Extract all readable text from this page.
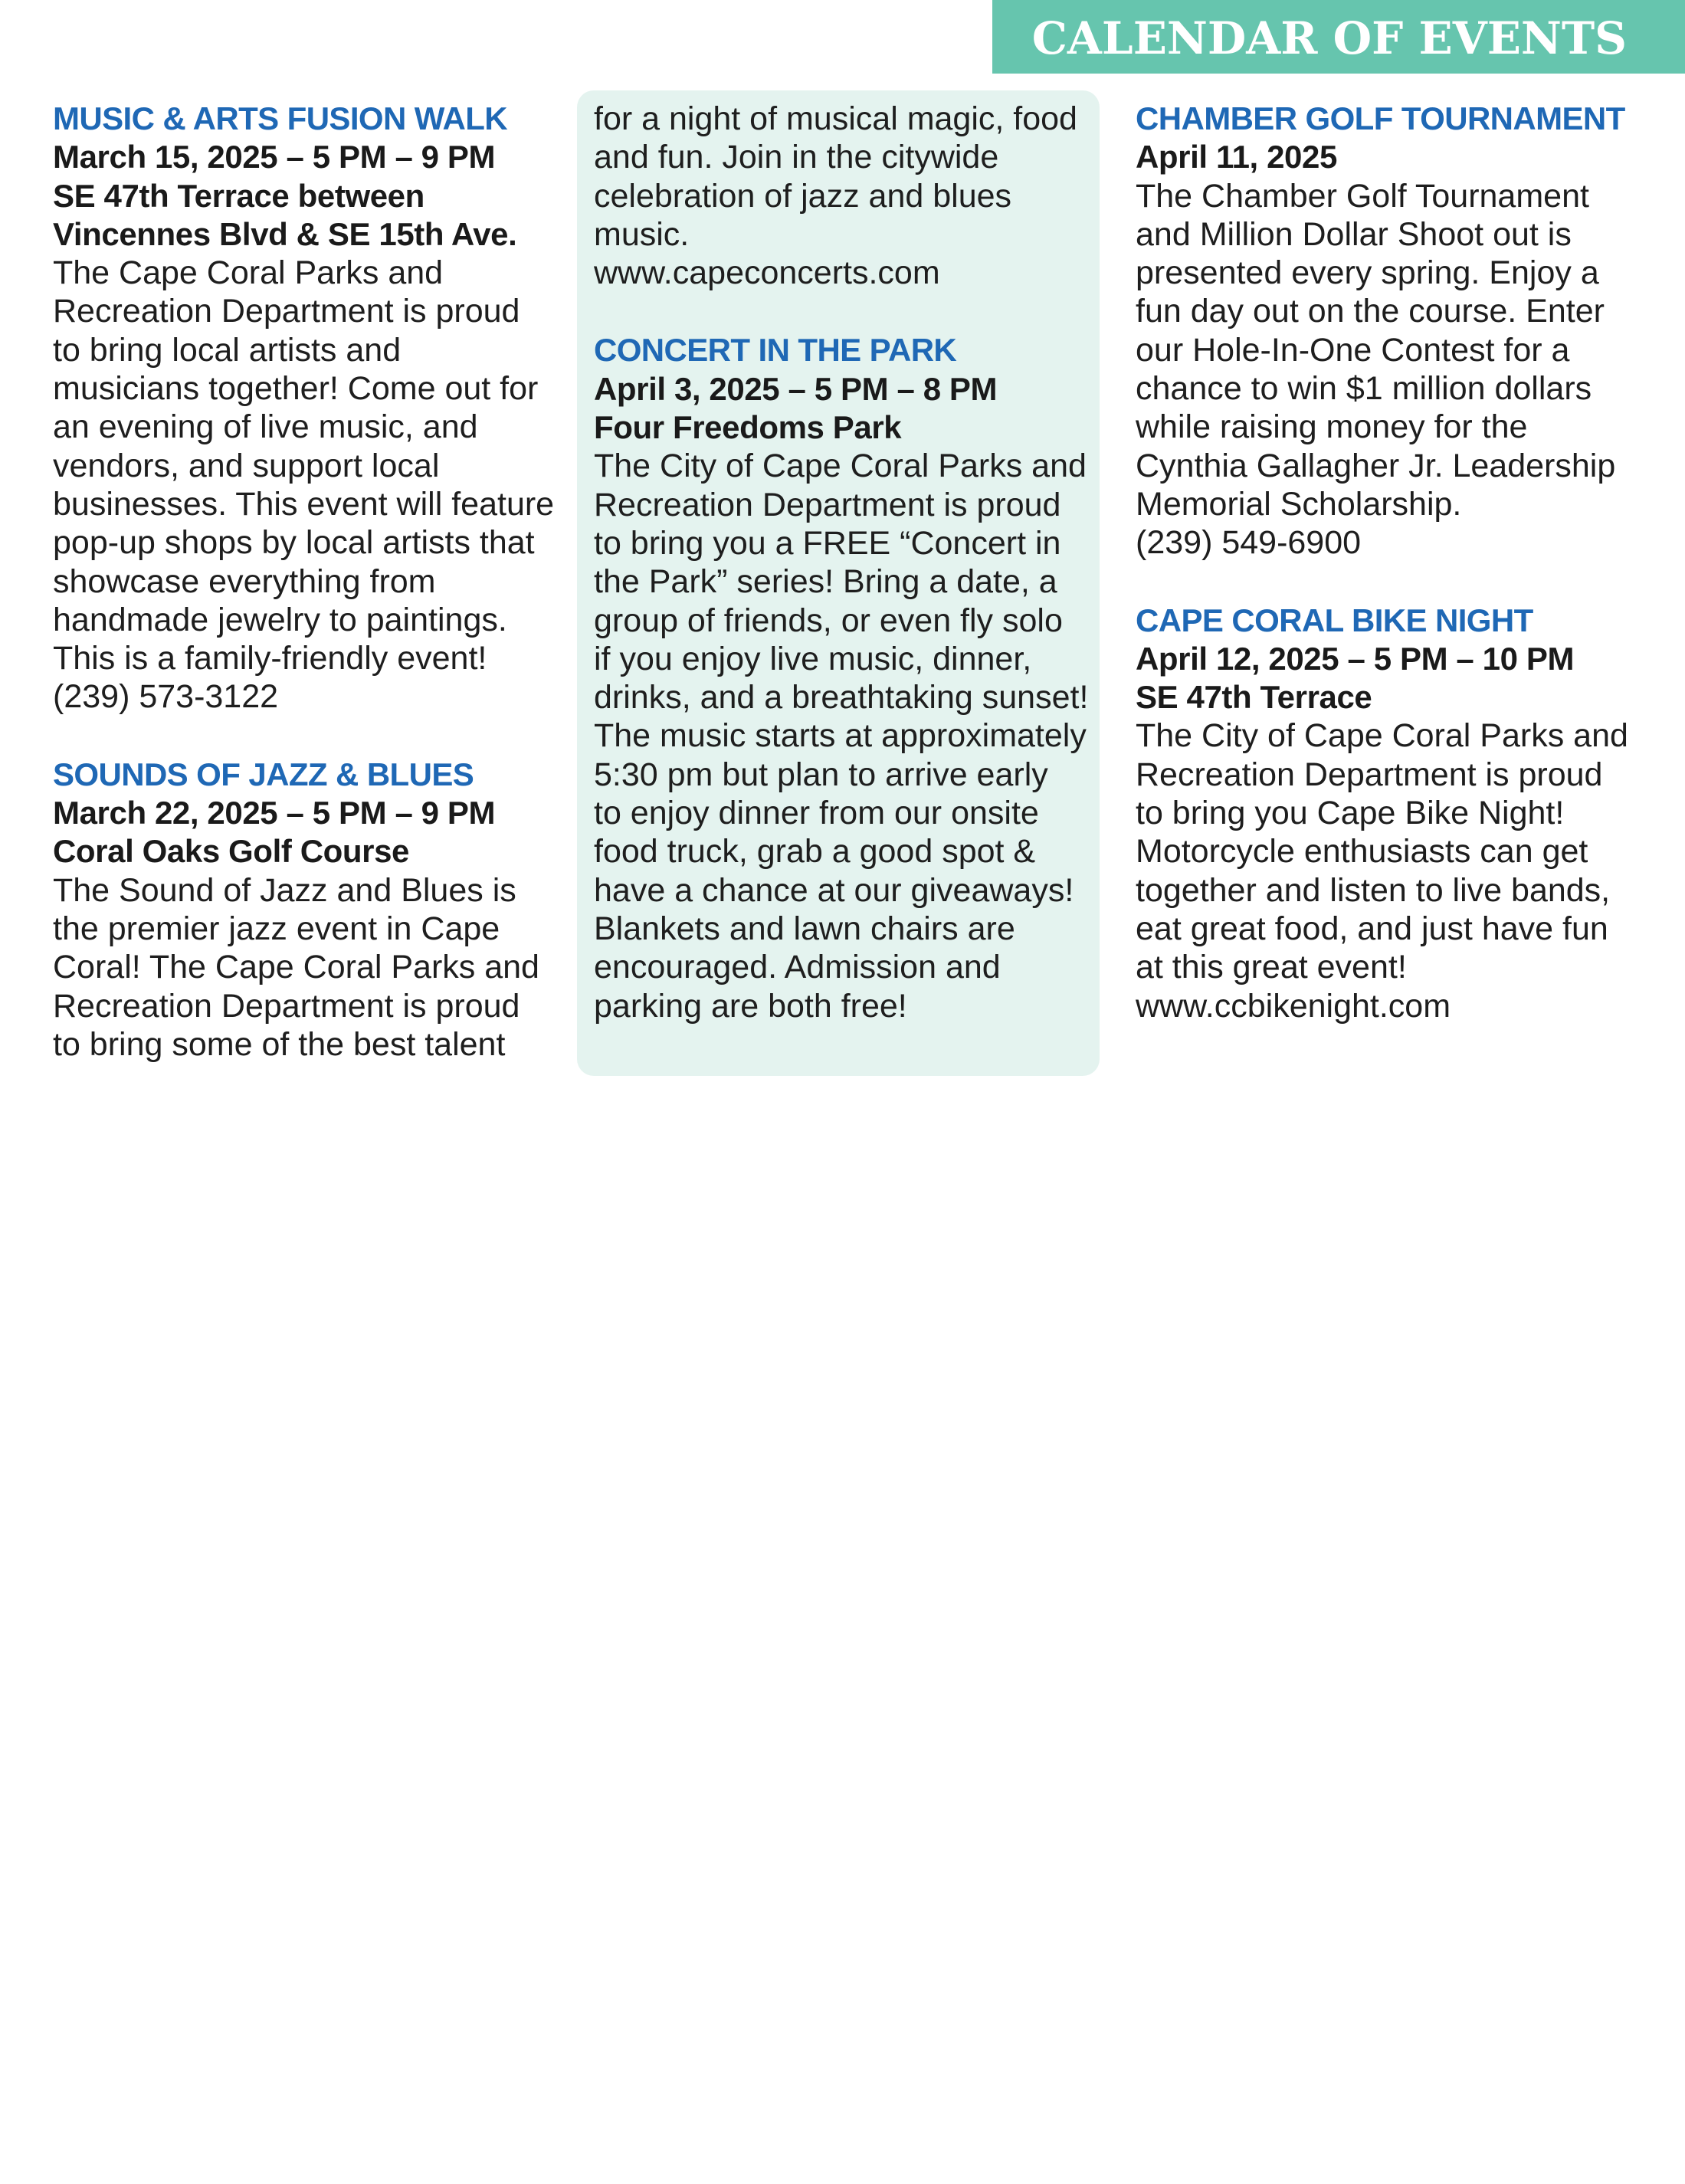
CALENDAR OF EVENTS
MUSIC & ARTS FUSION WALK
March 15, 2025 – 5 PM – 9 PM
SE 47th Terrace between
Vincennes Blvd & SE 15th Ave.
The Cape Coral Parks and
Recreation Department is proud
to bring local artists and
musicians together! Come out for
an evening of live music, and
vendors, and support local
businesses. This event will feature
pop-up shops by local artists that
showcase everything from
handmade jewelry to paintings.
This is a family-friendly event!
(239) 573-3122
SOUNDS OF JAZZ & BLUES
March 22, 2025 – 5 PM – 9 PM
Coral Oaks Golf Course
The Sound of Jazz and Blues is
the premier jazz event in Cape
Coral! The Cape Coral Parks and
Recreation Department is proud
to bring some of the best talent
for a night of musical magic, food
and fun. Join in the citywide
celebration of jazz and blues
music.
www.capeconcerts.com
CONCERT IN THE PARK
April 3, 2025 – 5 PM – 8 PM
Four Freedoms Park
The City of Cape Coral Parks and
Recreation Department is proud
to bring you a FREE “Concert in
the Park” series! Bring a date, a
group of friends, or even fly solo
if you enjoy live music, dinner,
drinks, and a breathtaking sunset!
The music starts at approximately
5:30 pm but plan to arrive early
to enjoy dinner from our onsite
food truck, grab a good spot &
have a chance at our giveaways!
Blankets and lawn chairs are
encouraged. Admission and
parking are both free!
CHAMBER GOLF TOURNAMENT
April 11, 2025
The Chamber Golf Tournament
and Million Dollar Shoot out is
presented every spring. Enjoy a
fun day out on the course. Enter
our Hole-In-One Contest for a
chance to win $1 million dollars
while raising money for the
Cynthia Gallagher Jr. Leadership
Memorial Scholarship.
(239) 549-6900
CAPE CORAL BIKE NIGHT
April 12, 2025 – 5 PM – 10 PM
SE 47th Terrace
The City of Cape Coral Parks and
Recreation Department is proud
to bring you Cape Bike Night!
Motorcycle enthusiasts can get
together and listen to live bands,
eat great food, and just have fun
at this great event!
www.ccbikenight.com
